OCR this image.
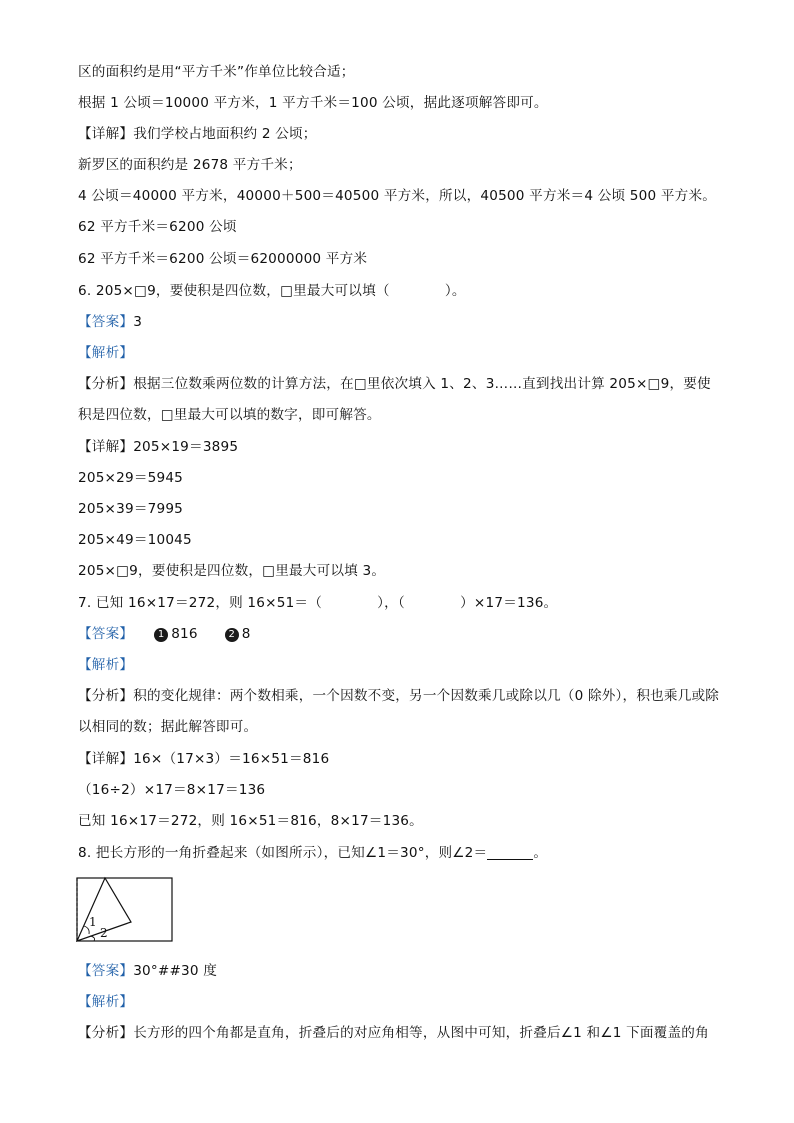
区的面积约是用“平方千米”作单位比较合适；
根据 1 公顷＝10000 平方米，1 平方千米＝100 公顷，据此逐项解答即可。
【详解】我们学校占地面积约 2 公顷；
新罗区的面积约是 2678 平方千米；
4 公顷＝40000 平方米，40000＋500＝40500 平方米，所以，40500 平方米＝4 公顷 500 平方米。
62 平方千米＝6200 公顷
62 平方千米＝6200 公顷＝62000000 平方米
6. 205×□9，要使积是四位数，□里最大可以填（　　　　）。
【答案】3
【解析】
【分析】根据三位数乘两位数的计算方法，在□里依次填入 1、2、3……直到找出计算 205×□9，要使
积是四位数，□里最大可以填的数字，即可解答。
【详解】205×19＝3895
205×29＝5945
205×39＝7995
205×49＝10045
205×□9，要使积是四位数，□里最大可以填 3。
7. 已知 16×17＝272，则 16×51＝（　　　　），（　　　　）×17＝136。
【答案】 1 816	2 8
【解析】
【分析】积的变化规律：两个数相乘，一个因数不变，另一个因数乘几或除以几（0 除外），积也乘几或除
以相同的数；据此解答即可。
【详解】16×（17×3）＝16×51＝816
（16÷2）×17＝8×17＝136
已知 16×17＝272，则 16×51＝816，8×17＝136。
8. 把长方形的一角折叠起来（如图所示），已知∠1＝30°，则∠2＝	。
1
2
【答案】30°##30 度
【解析】
【分析】长方形的四个角都是直角，折叠后的对应角相等，从图中可知，折叠后∠1 和∠1 下面覆盖的角
